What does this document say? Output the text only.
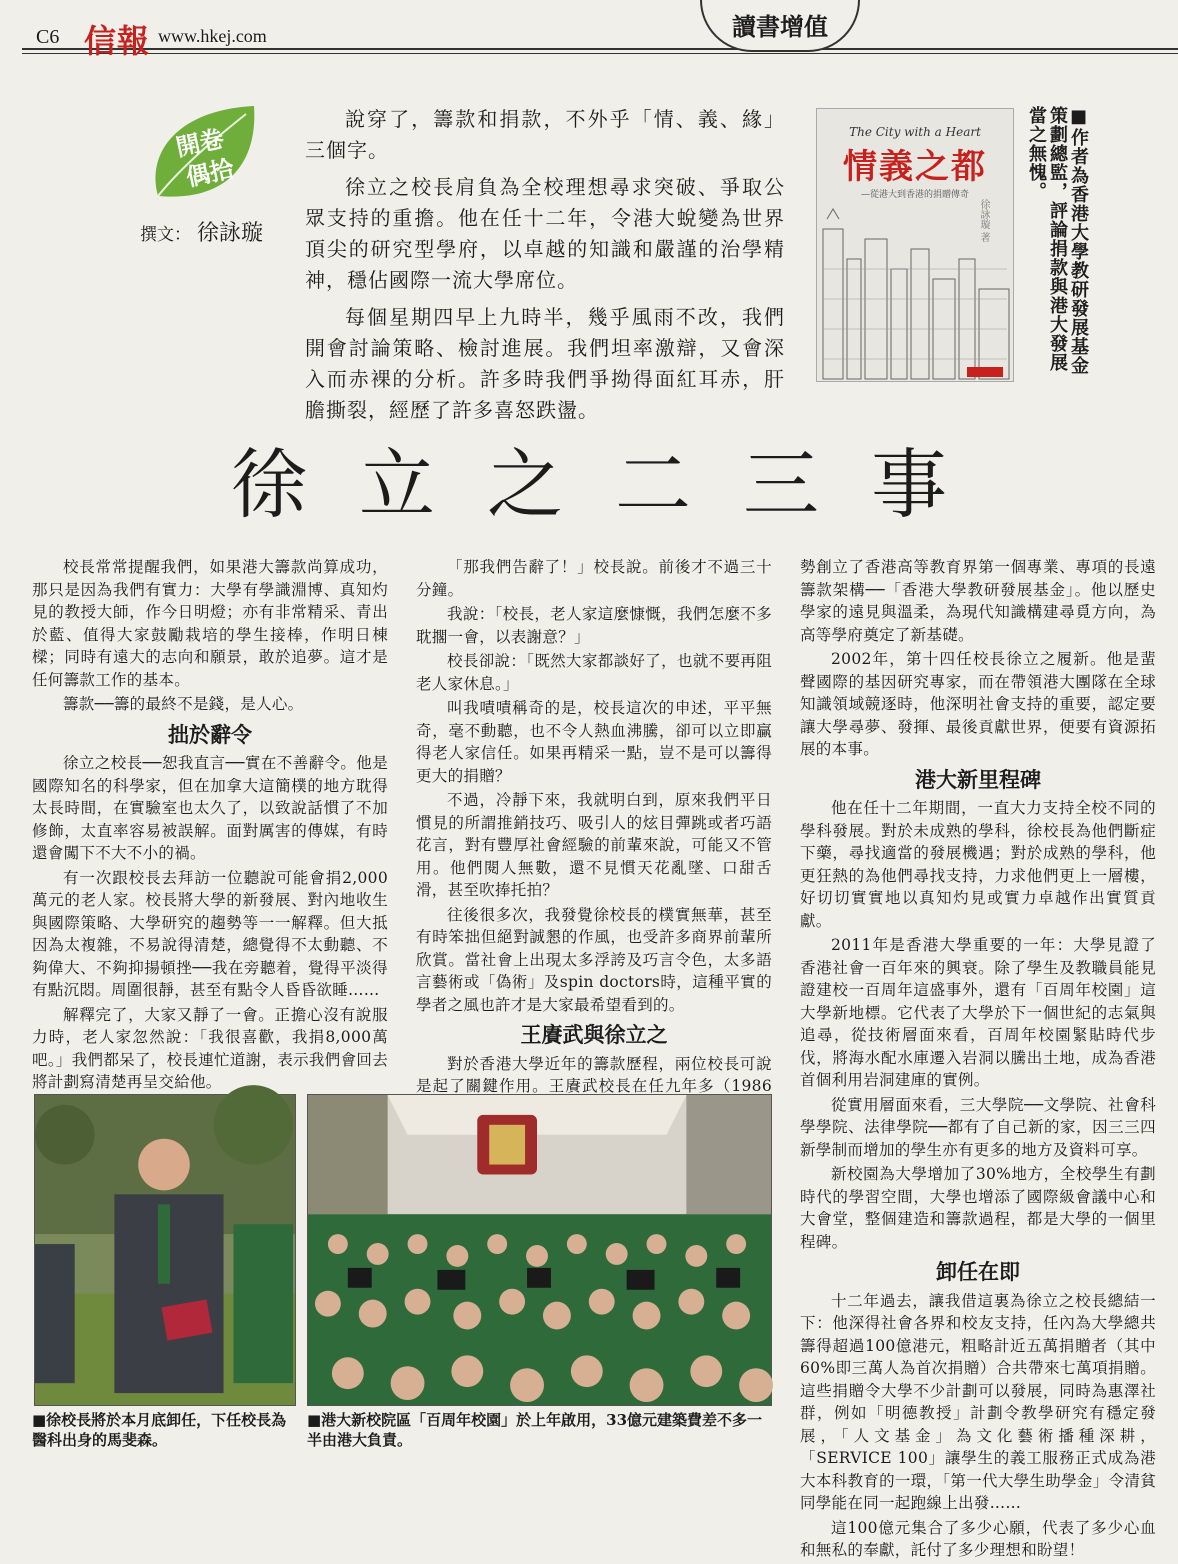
C6 信報 www.hkej.com	讀書增值
開卷
偶拾
撰文： 徐詠璇

說穿了，籌款和捐款，不外乎「情、義、緣」三個字。

徐立之校長肩負為全校理想尋求突破、爭取公眾支持的重擔。他在任十二年，令港大蛻變為世界頂尖的研究型學府，以卓越的知識和嚴謹的治學精神，穩佔國際一流大學席位。

每個星期四早上九時半，幾乎風雨不改，我們開會討論策略、檢討進展。我們坦率激辯，又會深入而赤裸的分析。許多時我們爭拗得面紅耳赤，肝膽撕裂，經歷了許多喜怒跌盪。

The City with a Heart
情義之都
—從港大到香港的捐贈傳奇
徐詠璇 著	■作者為香港大學教研發展基金策劃總監，評論捐款與港大發展當之無愧。
徐立之二三事

校長常常提醒我們，如果港大籌款尚算成功，那只是因為我們有實力：大學有學識淵博、真知灼見的教授大師，作今日明燈；亦有非常精采、青出於藍、值得大家鼓勵栽培的學生接棒，作明日棟樑；同時有遠大的志向和願景，敢於追夢。這才是任何籌款工作的基本。

籌款──籌的最終不是錢，是人心。

拙於辭令

徐立之校長──恕我直言──實在不善辭令。他是國際知名的科學家，但在加拿大這簡樸的地方耽得太長時間，在實驗室也太久了，以致說話慣了不加修飾，太直率容易被誤解。面對厲害的傳媒，有時還會闖下不大不小的禍。

有一次跟校長去拜訪一位聽說可能會捐2,000萬元的老人家。校長將大學的新發展、對內地收生與國際策略、大學研究的趨勢等一一解釋。但大抵因為太複雜，不易說得清楚，總覺得不太動聽、不夠偉大、不夠抑揚頓挫──我在旁聽着，覺得平淡得有點沉悶。周圍很靜，甚至有點令人昏昏欲睡……

解釋完了，大家又靜了一會。正擔心沒有說服力時，老人家忽然說：「我很喜歡，我捐8,000萬吧。」我們都呆了，校長連忙道謝，表示我們會回去將計劃寫清楚再呈交給他。

「那我們告辭了！」校長說。前後才不過三十分鐘。

我說：「校長，老人家這麼慷慨，我們怎麼不多耽擱一會，以表謝意？」

校長卻說：「既然大家都談好了，也就不要再阻老人家休息。」

叫我嘖嘖稱奇的是，校長這次的申述，平平無奇，毫不動聽，也不令人熱血沸騰，卻可以立即贏得老人家信任。如果再精采一點，豈不是可以籌得更大的捐贈？

不過，冷靜下來，我就明白到，原來我們平日慣見的所謂推銷技巧、吸引人的炫目彈跳或者巧語花言，對有豐厚社會經驗的前輩來說，可能又不管用。他們閱人無數，還不見慣天花亂墜、口甜舌滑，甚至吹捧托拍？

往後很多次，我發覺徐校長的樸實無華，甚至有時笨拙但絕對誠懇的作風，也受許多商界前輩所欣賞。當社會上出現太多浮誇及巧言令色，太多語言藝術或「偽術」及spin doctors時，這種平實的學者之風也許才是大家最希望看到的。

王賡武與徐立之

對於香港大學近年的籌款歷程，兩位校長可說是起了關鍵作用。王賡武校長在任九年多（1986

勢創立了香港高等教育界第一個專業、專項的長遠籌款架構──「香港大學教研發展基金」。他以歷史學家的遠見與溫柔，為現代知識構建尋覓方向，為高等學府奠定了新基礎。

2002年，第十四任校長徐立之履新。他是蜚聲國際的基因研究專家，而在帶領港大團隊在全球知識領域競逐時，他深明社會支持的重要，認定要讓大學尋夢、發揮、最後貢獻世界，便要有資源拓展的本事。

港大新里程碑

他在任十二年期間，一直大力支持全校不同的學科發展。對於未成熟的學科，徐校長為他們斷症下藥，尋找適當的發展機遇；對於成熟的學科，他更狂熱的為他們尋找支持，力求他們更上一層樓，好切切實實地以真知灼見或實力卓越作出實質貢獻。

2011年是香港大學重要的一年：大學見證了香港社會一百年來的興衰。除了學生及教職員能見證建校一百周年這盛事外，還有「百周年校園」這大學新地標。它代表了大學於下一個世紀的志氣與追尋，從技術層面來看，百周年校園緊貼時代步伐，將海水配水庫遷入岩洞以騰出土地，成為香港首個利用岩洞建庫的實例。

從實用層面來看，三大學院──文學院、社會科學學院、法律學院──都有了自己新的家，因三三四新學制而增加的學生亦有更多的地方及資料可享。

新校園為大學增加了30%地方，全校學生有劃時代的學習空間，大學也增添了國際級會議中心和大會堂，整個建造和籌款過程，都是大學的一個里程碑。

卸任在即

十二年過去，讓我借這裏為徐立之校長總結一下：他深得社會各界和校友支持，任內為大學總共籌得超過100億港元，粗略計近五萬捐贈者（其中60%即三萬人為首次捐贈）合共帶來七萬項捐贈。這些捐贈令大學不少計劃可以發展，同時為惠澤社群，例如「明德教授」計劃令教學研究有穩定發展，「人文基金」為文化藝術播種深耕，「SERVICE 100」讓學生的義工服務正式成為港大本科教育的一環，「第一代大學生助學金」令清貧同學能在同一起跑線上出發……

這100億元集合了多少心願，代表了多少心血和無私的奉獻，託付了多少理想和盼望！

■徐校長將於本月底卸任，下任校長為醫科出身的馬斐森。
■港大新校院區「百周年校園」於上年啟用，33億元建築費差不多一半由港大負責。
